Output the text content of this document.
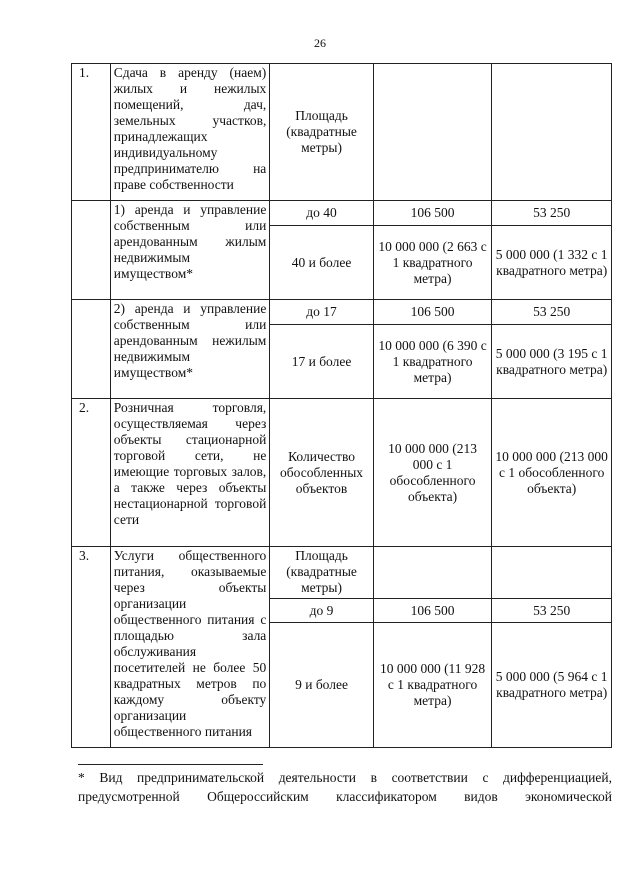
26
1.	Сдача в аренду (наем) жилых и нежилых помещений, дач, земельных участков, принадлежащих индивидуальному предпринимателю на праве собственности	Площадь (квадратные метры)		
	1) аренда и управление собственным или арендованным жилым недвижимым имуществом*	до 40	106 500	53 250
		40 и более	10 000 000 (2 663 с 1 квадратного метра)	5 000 000 (1 332 с 1 квадратного метра)
	2) аренда и управление собственным или арендованным нежилым недвижимым имуществом*	до 17	106 500	53 250
		17 и более	10 000 000 (6 390 с 1 квадратного метра)	5 000 000 (3 195 с 1 квадратного метра)
2.	Розничная торговля, осуществляемая через объекты стационарной торговой сети, не имеющие торговых залов, а также через объекты нестационарной торговой сети	Количество обособленных объектов	10 000 000 (213 000 с 1 обособленного объекта)	10 000 000 (213 000 с 1 обособленного объекта)
3.	Услуги общественного питания, оказываемые через объекты организации общественного питания с площадью зала обслуживания посетителей не более 50 квадратных метров по каждому объекту организации общественного питания	Площадь (квадратные метры)		
		до 9	106 500	53 250
		9 и более	10 000 000 (11 928 с 1 квадратного метра)	5 000 000 (5 964 с 1 квадратного метра)
* Вид предпринимательской деятельности в соответствии с дифференциацией, предусмотренной Общероссийским классификатором видов экономической
